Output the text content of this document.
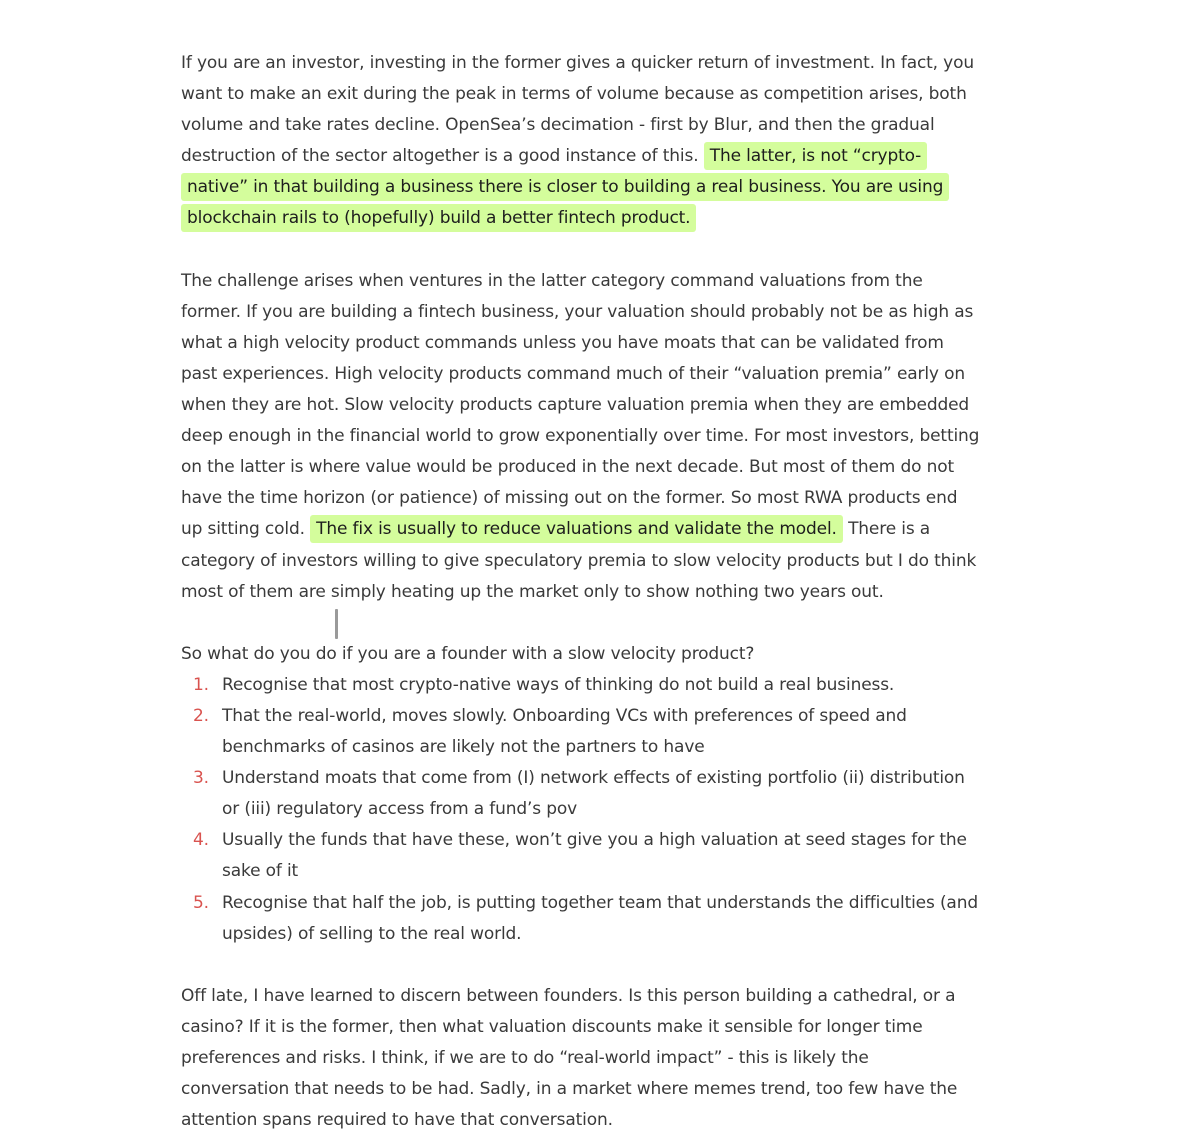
If you are an investor, investing in the former gives a quicker return of investment. In fact, you want to make an exit during the peak in terms of volume because as competition arises, both volume and take rates decline. OpenSea’s decimation - first by Blur, and then the gradual destruction of the sector altogether is a good instance of this. The latter, is not “crypto-native” in that building a business there is closer to building a real business. You are using blockchain rails to (hopefully) build a better fintech product.

The challenge arises when ventures in the latter category command valuations from the former. If you are building a fintech business, your valuation should probably not be as high as what a high velocity product commands unless you have moats that can be validated from past experiences. High velocity products command much of their “valuation premia” early on when they are hot. Slow velocity products capture valuation premia when they are embedded deep enough in the financial world to grow exponentially over time. For most investors, betting on the latter is where value would be produced in the next decade. But most of them do not have the time horizon (or patience) of missing out on the former. So most RWA products end up sitting cold. The fix is usually to reduce valuations and validate the model. There is a category of investors willing to give speculatory premia to slow velocity products but I do think most of them are simply heating up the market only to show nothing two years out.

So what do you do if you are a founder with a slow velocity product?

1. Recognise that most crypto-native ways of thinking do not build a real business.
2. That the real-world, moves slowly. Onboarding VCs with preferences of speed and benchmarks of casinos are likely not the partners to have
3. Understand moats that come from (I) network effects of existing portfolio (ii) distribution or (iii) regulatory access from a fund’s pov
4. Usually the funds that have these, won’t give you a high valuation at seed stages for the sake of it
5. Recognise that half the job, is putting together team that understands the difficulties (and upsides) of selling to the real world.

Off late, I have learned to discern between founders. Is this person building a cathedral, or a casino? If it is the former, then what valuation discounts make it sensible for longer time preferences and risks. I think, if we are to do “real-world impact” - this is likely the conversation that needs to be had. Sadly, in a market where memes trend, too few have the attention spans required to have that conversation.
